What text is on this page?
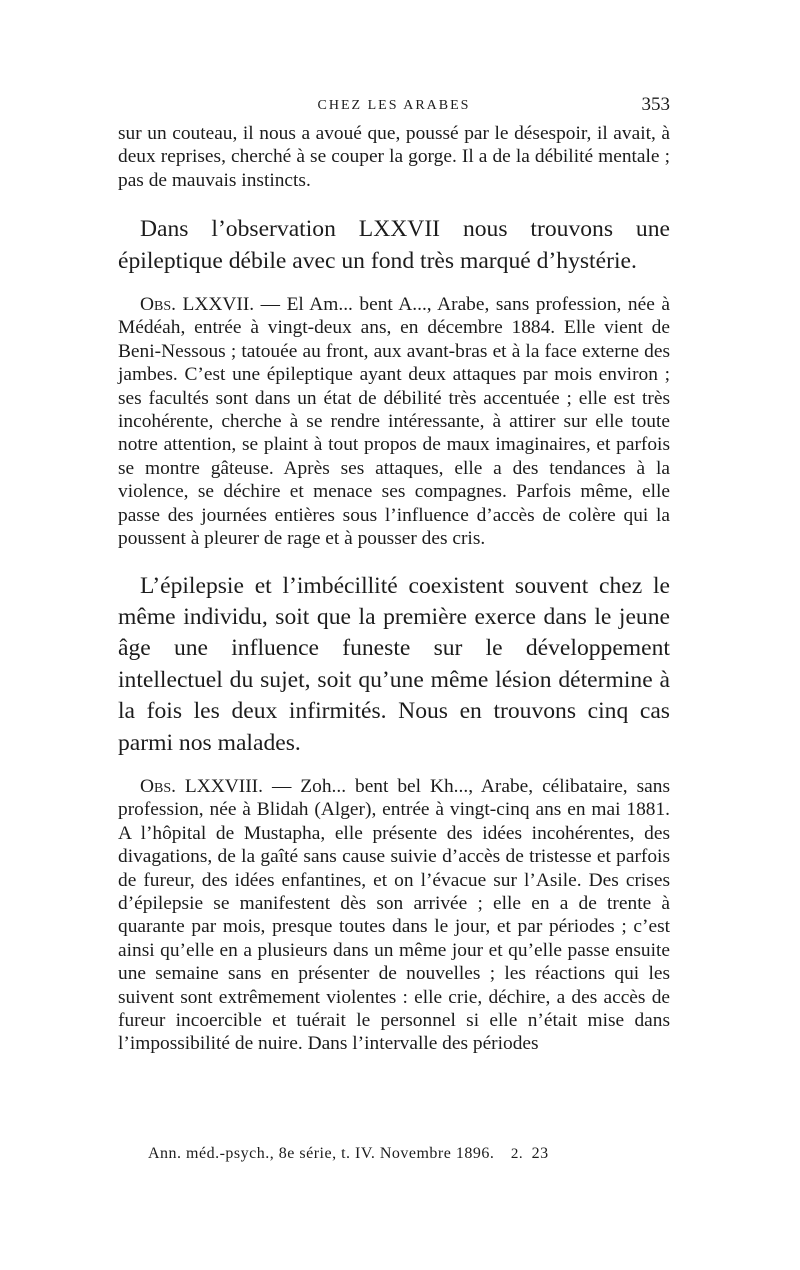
CHEZ LES ARABES	353

sur un couteau, il nous a avoué que, poussé par le désespoir, il avait, à deux reprises, cherché à se couper la gorge. Il a de la débilité mentale ; pas de mauvais instincts.

Dans l’observation LXXVII nous trouvons une épileptique débile avec un fond très marqué d’hystérie.

Obs. LXXVII. — El Am... bent A..., Arabe, sans profession, née à Médéah, entrée à vingt-deux ans, en décembre 1884. Elle vient de Beni-Nessous ; tatouée au front, aux avant-bras et à la face externe des jambes. C’est une épileptique ayant deux attaques par mois environ ; ses facultés sont dans un état de débilité très accentuée ; elle est très incohérente, cherche à se rendre intéressante, à attirer sur elle toute notre attention, se plaint à tout propos de maux imaginaires, et parfois se montre gâteuse. Après ses attaques, elle a des tendances à la violence, se déchire et menace ses compagnes. Parfois même, elle passe des journées entières sous l’influence d’accès de colère qui la poussent à pleurer de rage et à pousser des cris.

L’épilepsie et l’imbécillité coexistent souvent chez le même individu, soit que la première exerce dans le jeune âge une influence funeste sur le développement intellectuel du sujet, soit qu’une même lésion détermine à la fois les deux infirmités. Nous en trouvons cinq cas parmi nos malades.

Obs. LXXVIII. — Zoh... bent bel Kh..., Arabe, célibataire, sans profession, née à Blidah (Alger), entrée à vingt-cinq ans en mai 1881. A l’hôpital de Mustapha, elle présente des idées incohérentes, des divagations, de la gaîté sans cause suivie d’accès de tristesse et parfois de fureur, des idées enfantines, et on l’évacue sur l’Asile. Des crises d’épilepsie se manifestent dès son arrivée ; elle en a de trente à quarante par mois, presque toutes dans le jour, et par périodes ; c’est ainsi qu’elle en a plusieurs dans un même jour et qu’elle passe ensuite une semaine sans en présenter de nouvelles ; les réactions qui les suivent sont extrêmement violentes : elle crie, déchire, a des accès de fureur incoercible et tuérait le personnel si elle n’était mise dans l’impossibilité de nuire. Dans l’intervalle des périodes

Ann. méd.-psych., 8e série, t. IV. Novembre 1896. 2. 23
